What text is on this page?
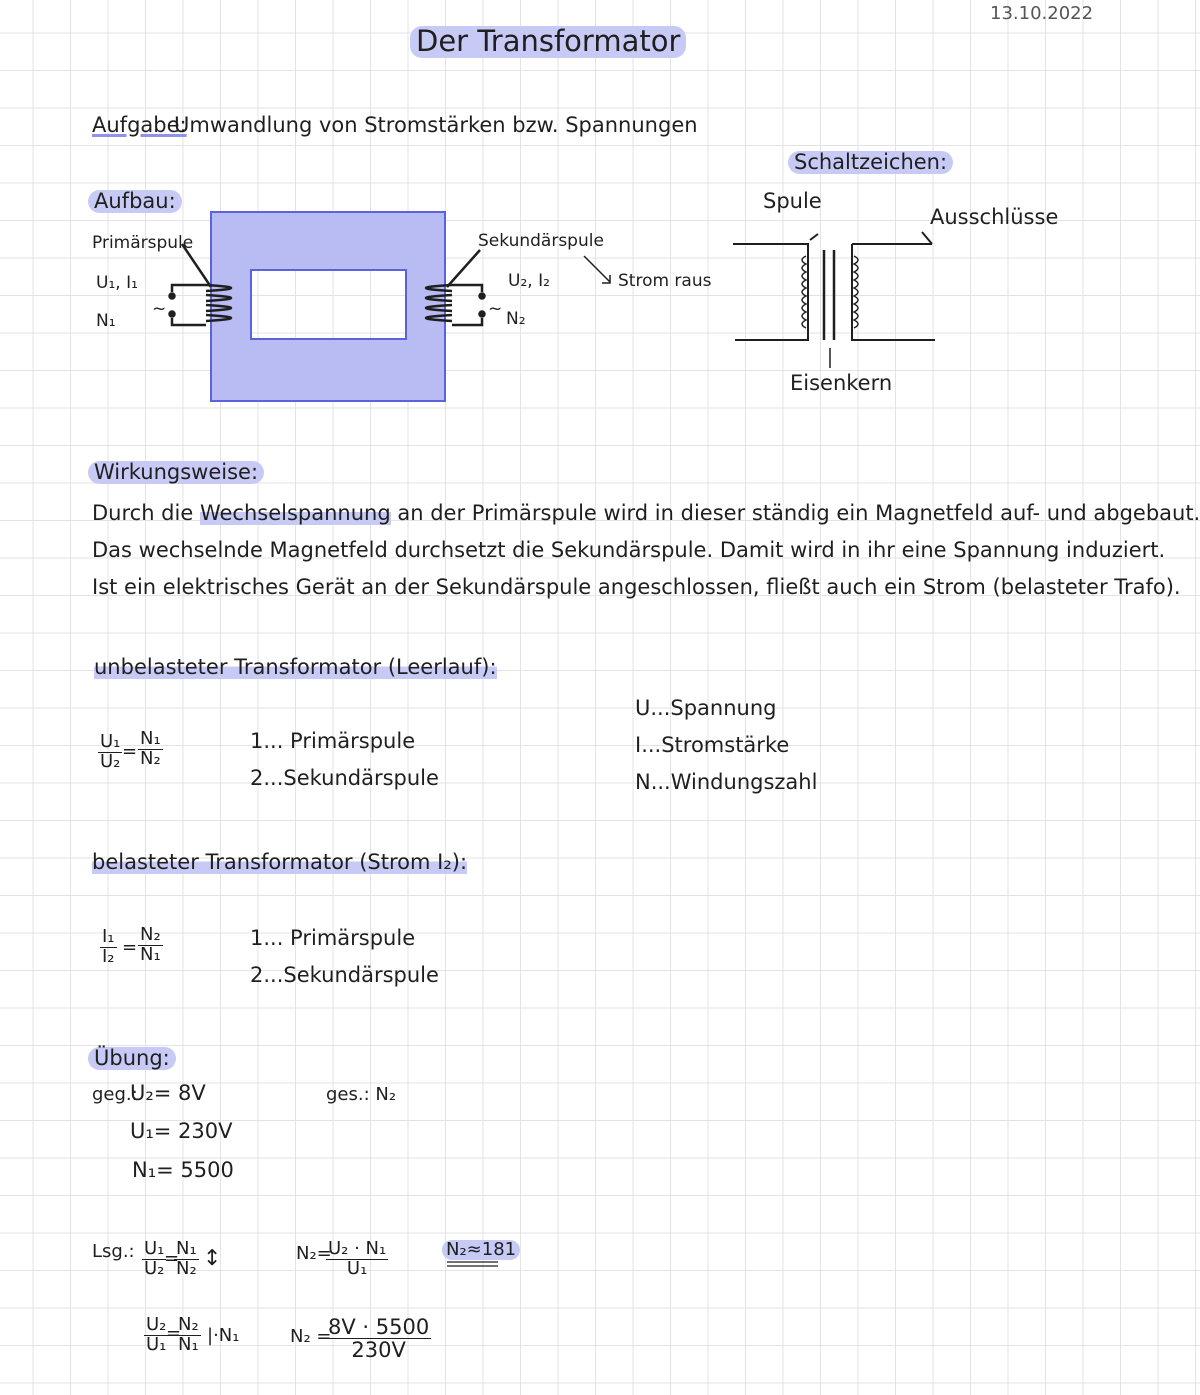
13.10.2022
Der Transformator
Aufgabe:
Umwandlung von Stromstärken bzw. Spannungen
Aufbau:
Primärspule
U₁, I₁
N₁
~
Sekundärspule
U₂, I₂
~ N₂
Strom raus
Schaltzeichen:
Spule
Ausschlüsse
Eisenkern
Wirkungsweise:
Durch die Wechselspannung an der Primärspule wird in dieser ständig ein Magnetfeld auf- und abgebaut.
Das wechselnde Magnetfeld durchsetzt die Sekundärspule. Damit wird in ihr eine Spannung induziert.
Ist ein elektrisches Gerät an der Sekundärspule angeschlossen, fließt auch ein Strom (belasteter Trafo).
unbelasteter Transformator (Leerlauf):
$\frac{\text{U₁}}{\text{U₂}} = \frac{\text{N₁}}{\text{N₂}}$	1... Primärspule
2...Sekundärspule
U...Spannung
I...Stromstärke
N...Windungszahl
belasteter Transformator (Strom I₂):
$\frac{\text{I₁}}{\text{I₂}} = \frac{\text{N₂}}{\text{N₁}}$	1... Primärspule
2...Sekundärspule
Übung:
geg.:
U₂= 8V
U₁= 230V
N₁= 5500
ges.: N₂
Lsg.: $\frac{\text{U₁}}{\text{U₂}}$
=
$\frac{\text{N₁}}{\text{N₂}}$ ↕
$\frac{\text{U₂}}{\text{U₁}}$
=
$\frac{\text{N₂}}{\text{N₁}} |\cdot N_1$
N₂=
$\frac{\text{U₂ · N₁}}{\text{U₁}}$
N₂ =
$\frac{8V \cdot 5500}{230V}$
N₂≈181
